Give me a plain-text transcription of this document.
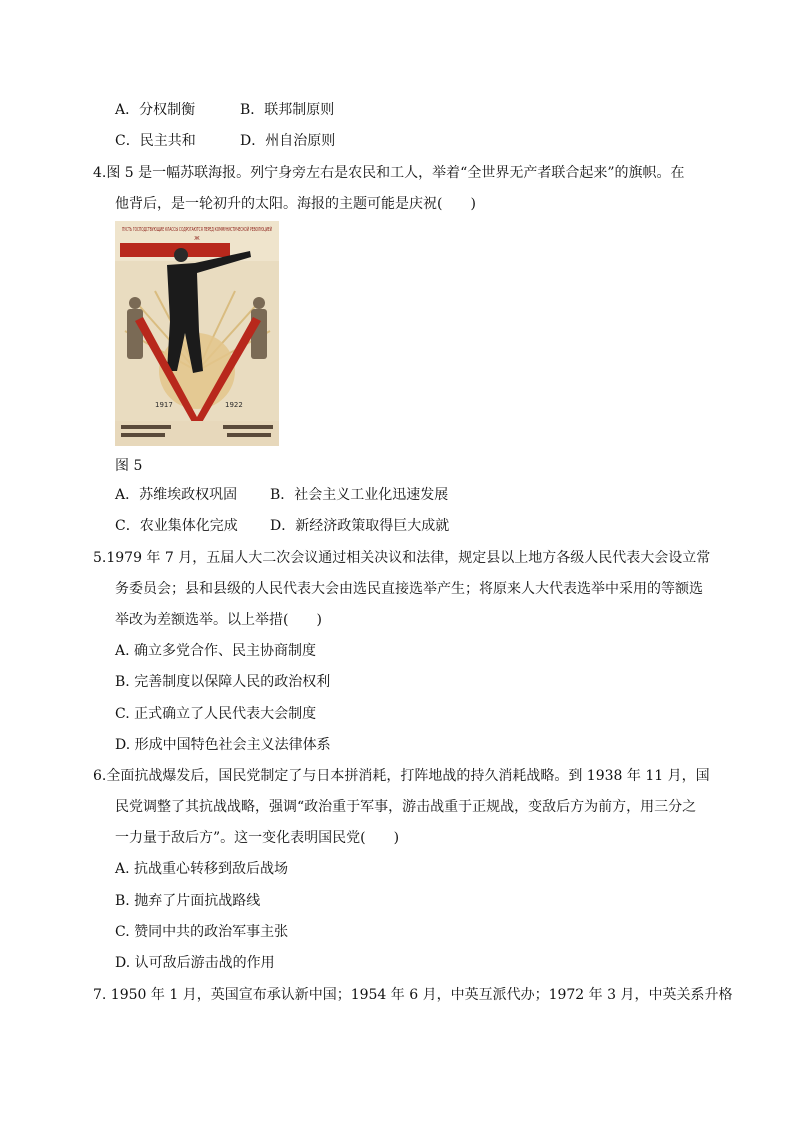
A．分权制衡	B．联邦制原则
C．民主共和	D．州自治原则
4.图 5 是一幅苏联海报。列宁身旁左右是农民和工人，举着“全世界无产者联合起来”的旗帜。在
他背后，是一轮初升的太阳。海报的主题可能是庆祝(　　)
ПУСТЬ ГОСПОДСТВУЮЩИЕ КЛАССЫ СОДРОГАЮТСЯ ПЕРЕД КОММУНИСТИЧЕСКОЙ РЕВОЛЮЦИЕЙ
Ж
1917	1922
图 5
A．苏维埃政权巩固 B．社会主义工业化迅速发展
C．农业集体化完成 D．新经济政策取得巨大成就
5.1979 年 7 月，五届人大二次会议通过相关决议和法律，规定县以上地方各级人民代表大会设立常
务委员会；县和县级的人民代表大会由选民直接选举产生；将原来人大代表选举中采用的等额选
举改为差额选举。以上举措(　　)
A. 确立多党合作、民主协商制度
B. 完善制度以保障人民的政治权利
C. 正式确立了人民代表大会制度
D. 形成中国特色社会主义法律体系
6.全面抗战爆发后，国民党制定了与日本拼消耗，打阵地战的持久消耗战略。到 1938 年 11 月，国
民党调整了其抗战战略，强调“政治重于军事，游击战重于正规战，变敌后方为前方，用三分之
一力量于敌后方”。这一变化表明国民党(　　)
A. 抗战重心转移到敌后战场
B. 抛弃了片面抗战路线
C. 赞同中共的政治军事主张
D. 认可敌后游击战的作用
7. 1950 年 1 月，英国宣布承认新中国；1954 年 6 月，中英互派代办；1972 年 3 月，中英关系升格
